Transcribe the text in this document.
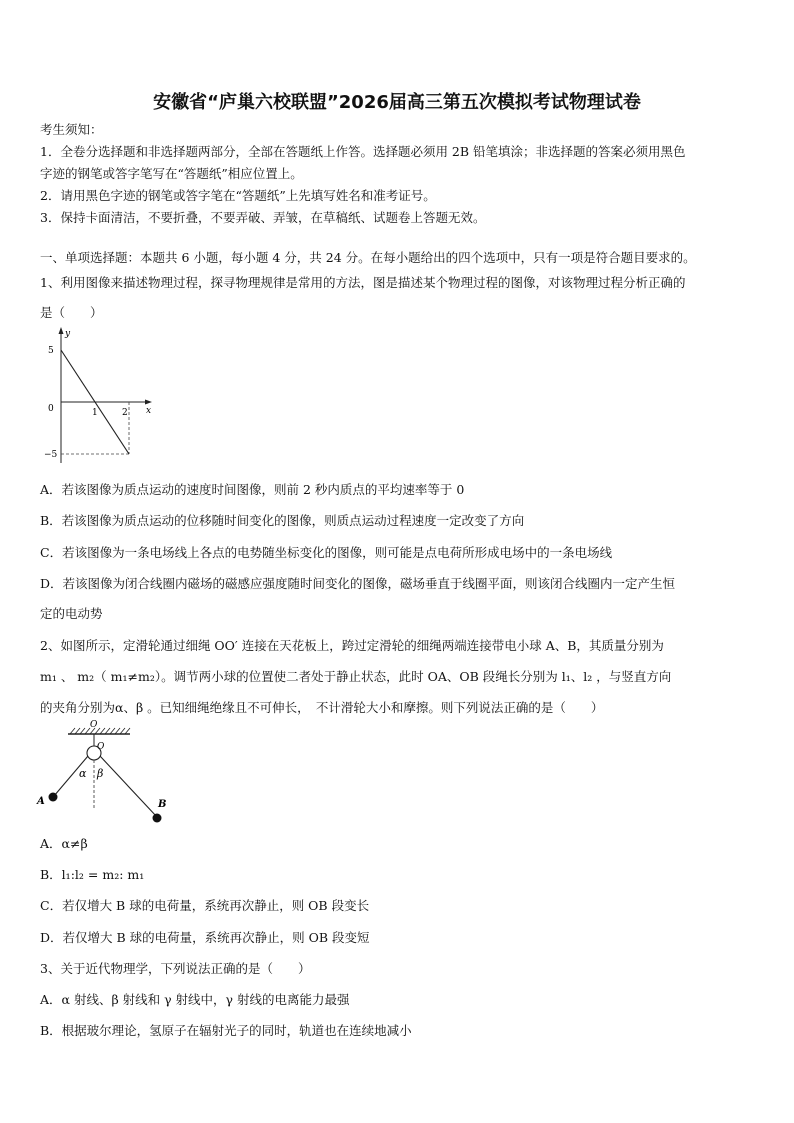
安徽省“庐巢六校联盟”2026届高三第五次模拟考试物理试卷
考生须知：
1．全卷分选择题和非选择题两部分，全部在答题纸上作答。选择题必须用 2B 铅笔填涂；非选择题的答案必须用黑色
字迹的钢笔或答字笔写在“答题纸”相应位置上。
2．请用黑色字迹的钢笔或答字笔在“答题纸”上先填写姓名和准考证号。
3．保持卡面清洁，不要折叠，不要弄破、弄皱，在草稿纸、试题卷上答题无效。
一、单项选择题：本题共 6 小题，每小题 4 分，共 24 分。在每小题给出的四个选项中，只有一项是符合题目要求的。
1、利用图像来描述物理过程，探寻物理规律是常用的方法，图是描述某个物理过程的图像，对该物理过程分析正确的
是（　　）
y
x
5
0
−5
1	2
A．若该图像为质点运动的速度时间图像，则前 2 秒内质点的平均速率等于 0
B．若该图像为质点运动的位移随时间变化的图像，则质点运动过程速度一定改变了方向
C．若该图像为一条电场线上各点的电势随坐标变化的图像，则可能是点电荷所形成电场中的一条电场线
D．若该图像为闭合线圈内磁场的磁感应强度随时间变化的图像，磁场垂直于线圈平面，则该闭合线圈内一定产生恒
定的电动势
2、如图所示，定滑轮通过细绳 OO′ 连接在天花板上，跨过定滑轮的细绳两端连接带电小球 A、B，其质量分别为
m₁ 、 m₂（ m₁≠m₂）。调节两小球的位置使二者处于静止状态，此时 OA、OB 段绳长分别为 l₁、l₂ ，与竖直方向
的夹角分别为α、β 。已知细绳绝缘且不可伸长，　不计滑轮大小和摩擦。则下列说法正确的是（　　）
O
O
α β
A	B
A．α≠β
B．l₁:l₂ = m₂: m₁
C．若仅增大 B 球的电荷量，系统再次静止，则 OB 段变长
D．若仅增大 B 球的电荷量，系统再次静止，则 OB 段变短
3、关于近代物理学，下列说法正确的是（　　）
A．α 射线、β 射线和 γ 射线中，γ 射线的电离能力最强
B．根据玻尔理论，氢原子在辐射光子的同时，轨道也在连续地减小
